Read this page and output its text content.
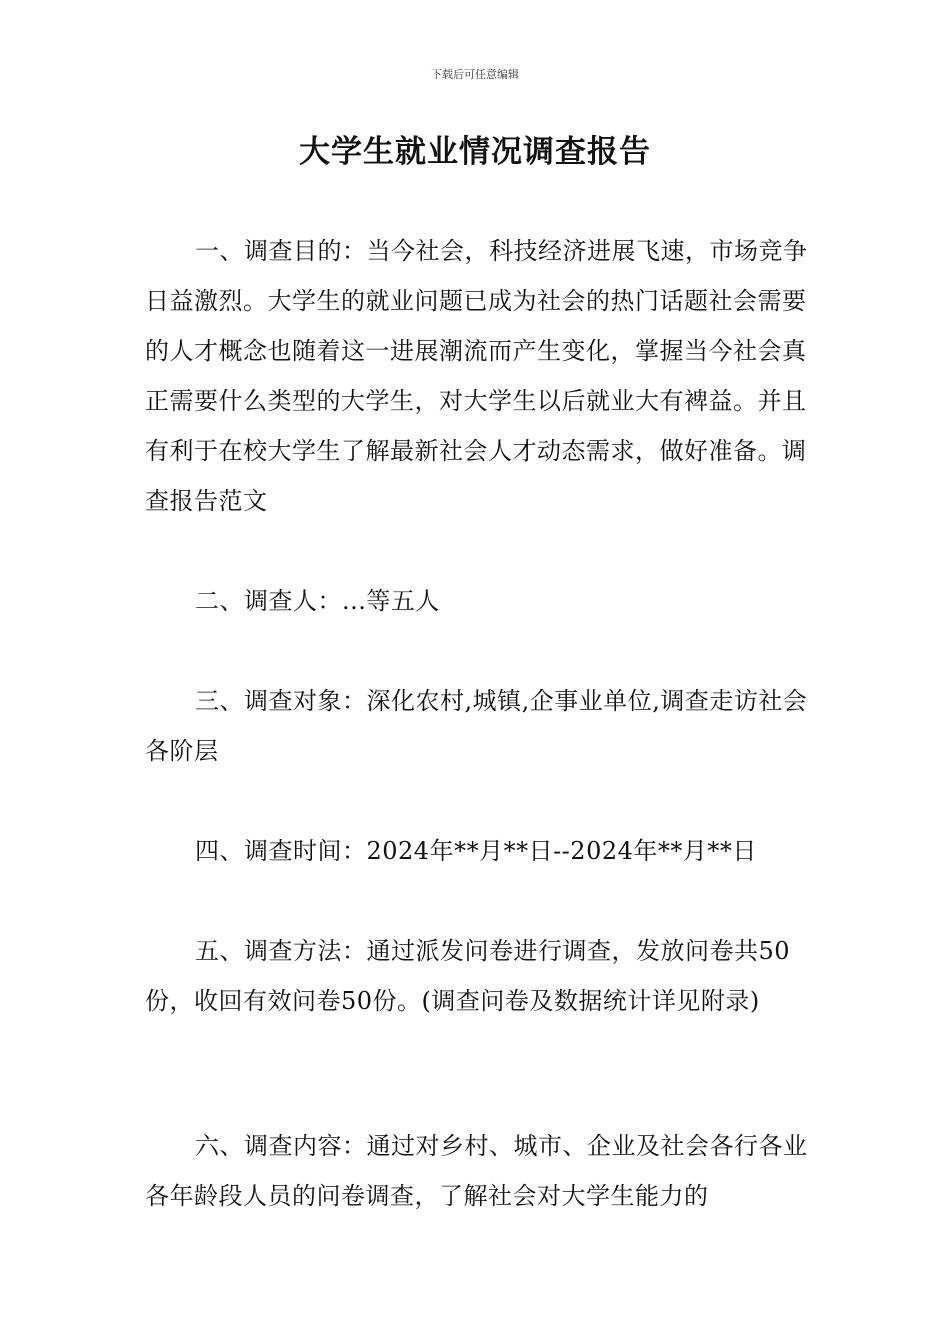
下载后可任意编辑
大学生就业情况调查报告

一、调查目的：当今社会，科技经济进展飞速，市场竞争日益激烈。大学生的就业问题已成为社会的热门话题社会需要的人才概念也随着这一进展潮流而产生变化，掌握当今社会真正需要什么类型的大学生，对大学生以后就业大有裨益。并且有利于在校大学生了解最新社会人才动态需求，做好准备。调查报告范文

二、调查人：...等五人

三、调查对象：深化农村,城镇,企事业单位,调查走访社会各阶层

四、调查时间：2024年**月**日--2024年**月**日

五、调查方法：通过派发问卷进行调查，发放问卷共50份，收回有效问卷50份。(调查问卷及数据统计详见附录)

六、调查内容：通过对乡村、城市、企业及社会各行各业各年龄段人员的问卷调查，了解社会对大学生能力的
